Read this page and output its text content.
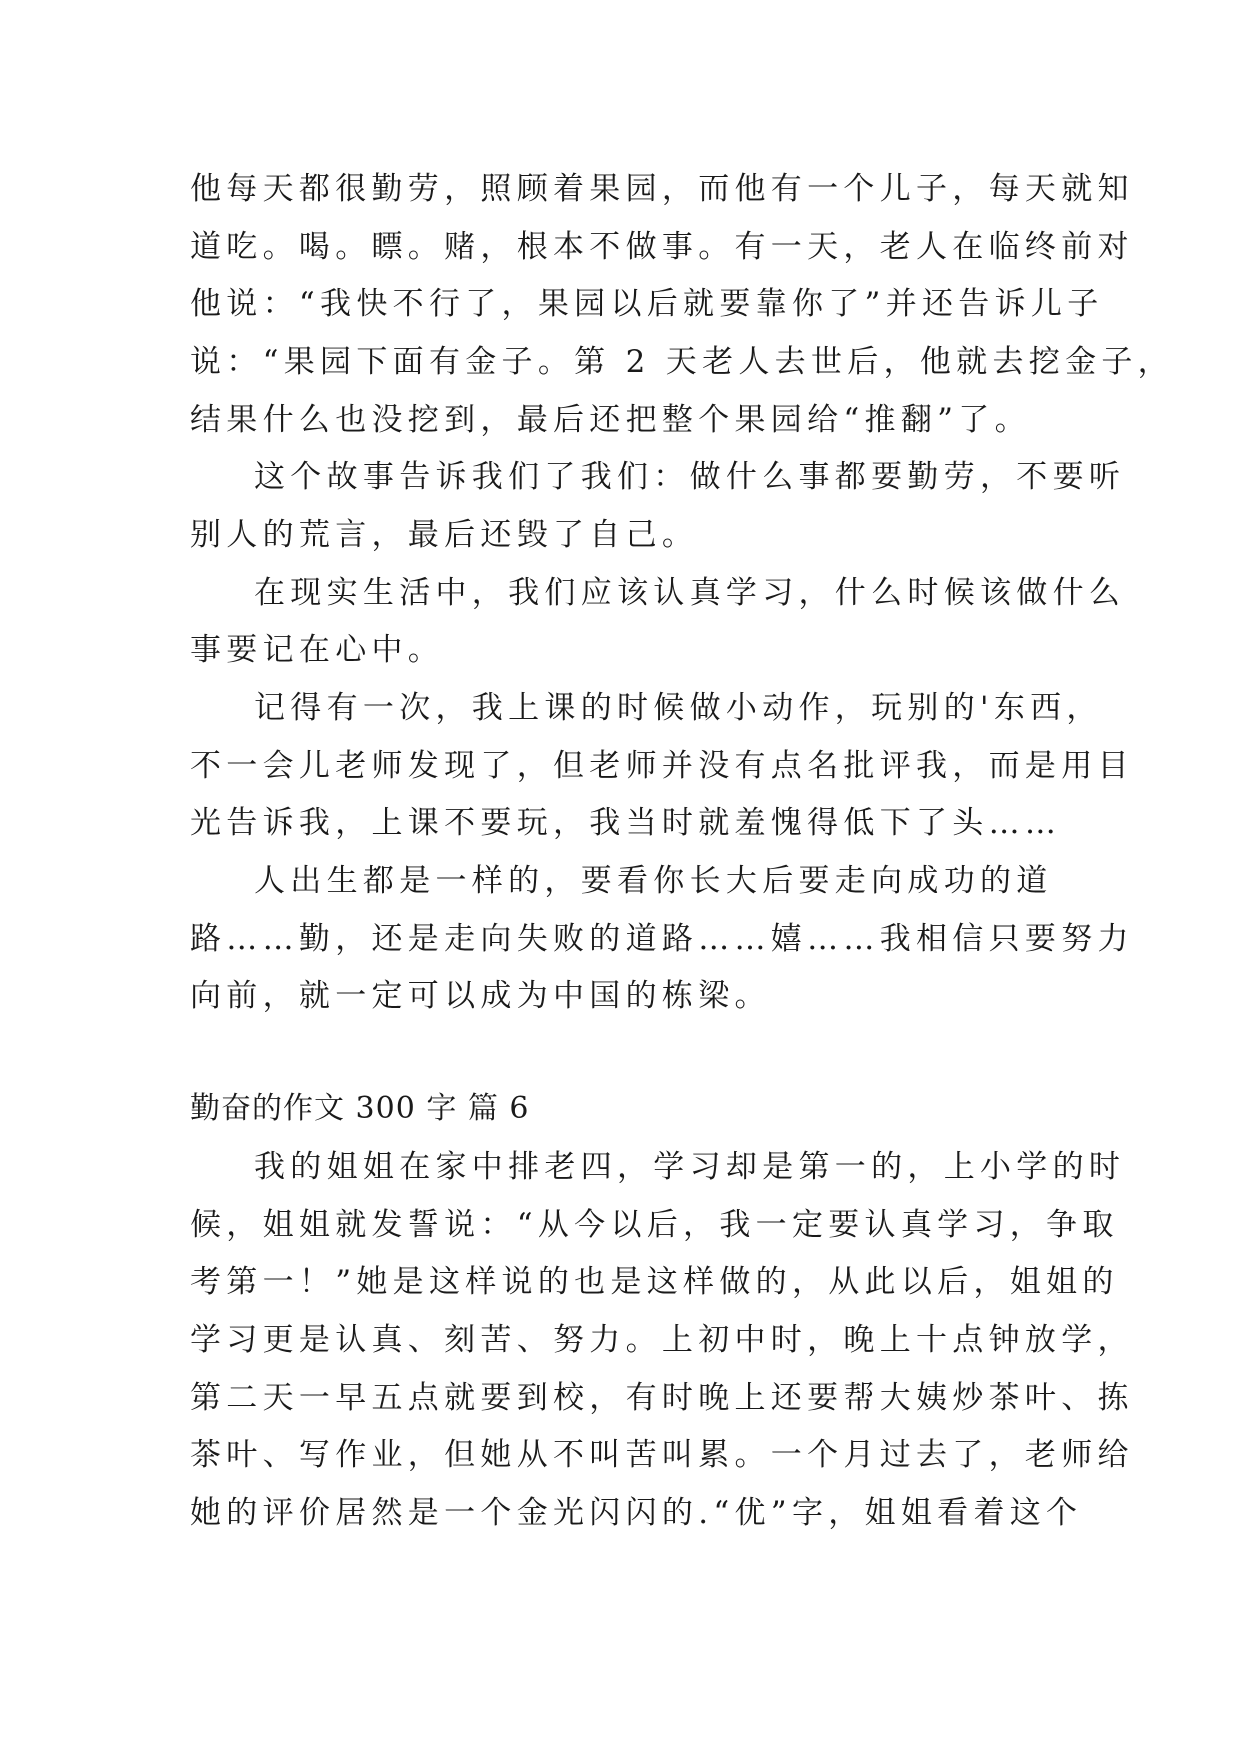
他每天都很勤劳，照顾着果园，而他有一个儿子，每天就知
道吃。喝。瞟。赌，根本不做事。有一天，老人在临终前对
他说：“我快不行了，果园以后就要靠你了”并还告诉儿子
说：“果园下面有金子。第 2 天老人去世后，他就去挖金子，
结果什么也没挖到，最后还把整个果园给“推翻”了。
这个故事告诉我们了我们：做什么事都要勤劳，不要听
别人的荒言，最后还毁了自己。
在现实生活中，我们应该认真学习，什么时候该做什么
事要记在心中。
记得有一次，我上课的时候做小动作，玩别的'东西，
不一会儿老师发现了，但老师并没有点名批评我，而是用目
光告诉我，上课不要玩，我当时就羞愧得低下了头……
人出生都是一样的，要看你长大后要走向成功的道
路……勤，还是走向失败的道路……嬉……我相信只要努力
向前，就一定可以成为中国的栋梁。
勤奋的作文 300 字 篇 6
我的姐姐在家中排老四，学习却是第一的，上小学的时
候，姐姐就发誓说：“从今以后，我一定要认真学习，争取
考第一！”她是这样说的也是这样做的，从此以后，姐姐的
学习更是认真、刻苦、努力。上初中时，晚上十点钟放学，
第二天一早五点就要到校，有时晚上还要帮大姨炒茶叶、拣
茶叶、写作业，但她从不叫苦叫累。一个月过去了，老师给
她的评价居然是一个金光闪闪的.“优”字，姐姐看着这个
